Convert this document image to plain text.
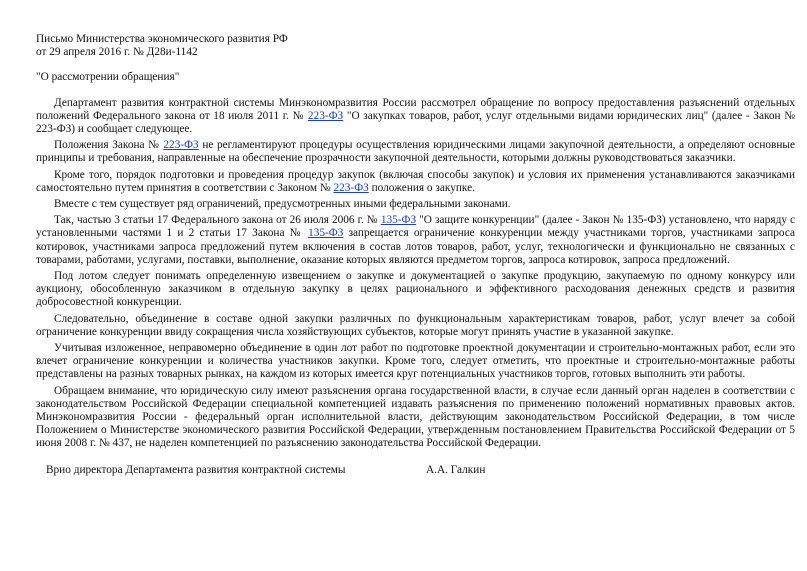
Письмо Министерства экономического развития РФ

от 29 апреля 2016 г. № Д28и-1142

"О рассмотрении обращения"

Департамент развития контрактной системы Минэкономразвития России рассмотрел обращение по вопросу предоставления разъяснений отдельных положений Федерального закона от 18 июля 2011 г. № 223-ФЗ "О закупках товаров, работ, услуг отдельными видами юридических лиц" (далее - Закон № 223-ФЗ) и сообщает следующее.

Положения Закона № 223-ФЗ не регламентируют процедуры осуществления юридическими лицами закупочной деятельности, а определяют основные принципы и требования, направленные на обеспечение прозрачности закупочной деятельности, которыми должны руководствоваться заказчики.

Кроме того, порядок подготовки и проведения процедур закупок (включая способы закупок) и условия их применения устанавливаются заказчиками самостоятельно путем принятия в соответствии с Законом № 223-ФЗ положения о закупке.

Вместе с тем существует ряд ограничений, предусмотренных иными федеральными законами.

Так, частью 3 статьи 17 Федерального закона от 26 июля 2006 г. № 135-ФЗ "О защите конкуренции" (далее - Закон № 135-ФЗ) установлено, что наряду с установленными частями 1 и 2 статьи 17 Закона № 135-ФЗ запрещается ограничение конкуренции между участниками торгов, участниками запроса котировок, участниками запроса предложений путем включения в состав лотов товаров, работ, услуг, технологически и функционально не связанных с товарами, работами, услугами, поставки, выполнение, оказание которых являются предметом торгов, запроса котировок, запроса предложений.

Под лотом следует понимать определенную извещением о закупке и документацией о закупке продукцию, закупаемую по одному конкурсу или аукциону, обособленную заказчиком в отдельную закупку в целях рационального и эффективного расходования денежных средств и развития добросовестной конкуренции.

Следовательно, объединение в составе одной закупки различных по функциональным характеристикам товаров, работ, услуг влечет за собой ограничение конкуренции ввиду сокращения числа хозяйствующих субъектов, которые могут принять участие в указанной закупке.

Учитывая изложенное, неправомерно объединение в один лот работ по подготовке проектной документации и строительно-монтажных работ, если это влечет ограничение конкуренции и количества участников закупки. Кроме того, следует отметить, что проектные и строительно-монтажные работы представлены на разных товарных рынках, на каждом из которых имеется круг потенциальных участников торгов, готовых выполнить эти работы.

Обращаем внимание, что юридическую силу имеют разъяснения органа государственной власти, в случае если данный орган наделен в соответствии с законодательством Российской Федерации специальной компетенцией издавать разъяснения по применению положений нормативных правовых актов. Минэкономразвития России - федеральный орган исполнительной власти, действующим законодательством Российской Федерации, в том числе Положением о Министерстве экономического развития Российской Федерации, утвержденным постановлением Правительства Российской Федерации от 5 июня 2008 г. № 437, не наделен компетенцией по разъяснению законодательства Российской Федерации.

Врио директора Департамента развития контрактной системы	А.А. Галкин
